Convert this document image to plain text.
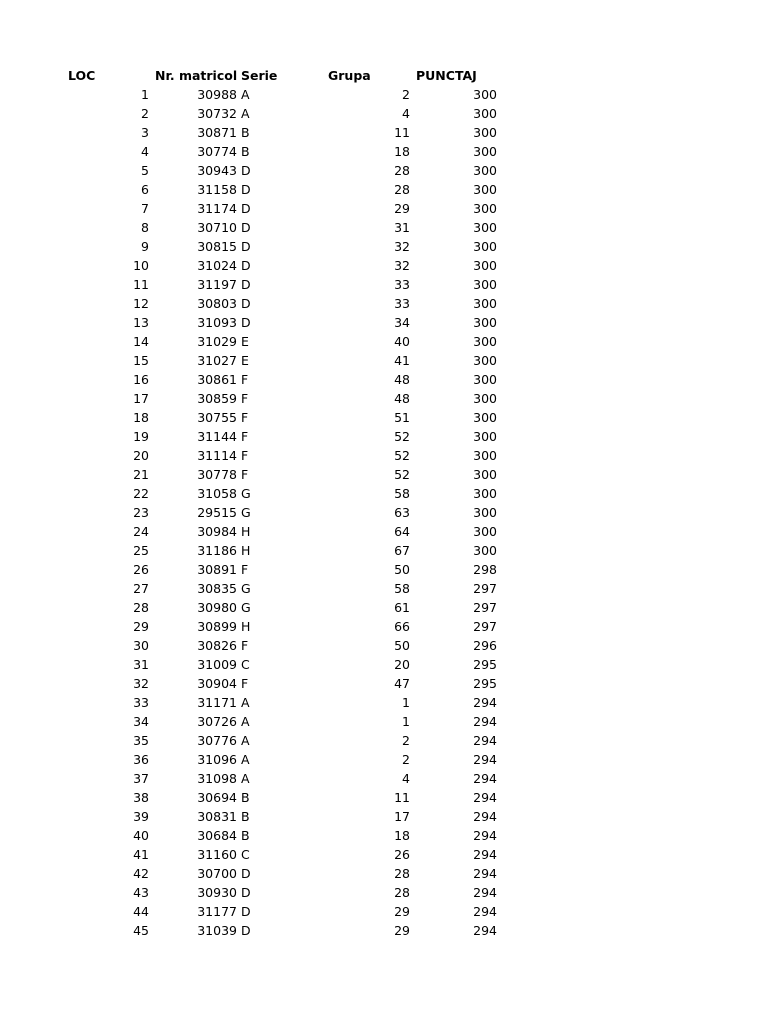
LOC	Nr. matricol Serie	Grupa	PUNCTAJ
1	30988 A	2	300
2	30732 A	4	300
3	30871 B	11	300
4	30774 B	18	300
5	30943 D	28	300
6	31158 D	28	300
7	31174 D	29	300
8	30710 D	31	300
9	30815 D	32	300
10	31024 D	32	300
11	31197 D	33	300
12	30803 D	33	300
13	31093 D	34	300
14	31029 E	40	300
15	31027 E	41	300
16	30861 F	48	300
17	30859 F	48	300
18	30755 F	51	300
19	31144 F	52	300
20	31114 F	52	300
21	30778 F	52	300
22	31058 G	58	300
23	29515 G	63	300
24	30984 H	64	300
25	31186 H	67	300
26	30891 F	50	298
27	30835 G	58	297
28	30980 G	61	297
29	30899 H	66	297
30	30826 F	50	296
31	31009 C	20	295
32	30904 F	47	295
33	31171 A	1	294
34	30726 A	1	294
35	30776 A	2	294
36	31096 A	2	294
37	31098 A	4	294
38	30694 B	11	294
39	30831 B	17	294
40	30684 B	18	294
41	31160 C	26	294
42	30700 D	28	294
43	30930 D	28	294
44	31177 D	29	294
45	31039 D	29	294
